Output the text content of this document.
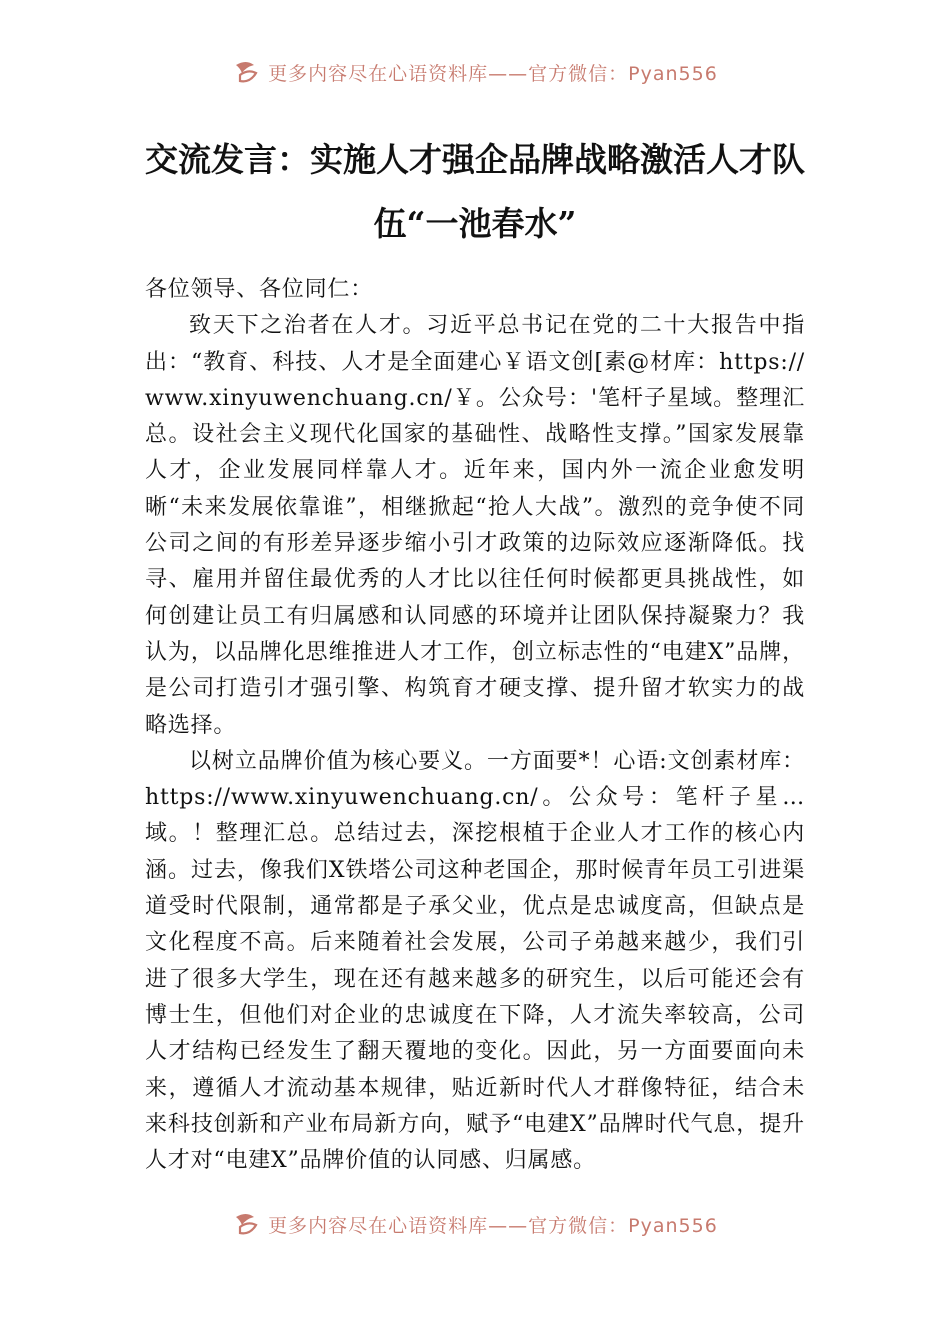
更多内容尽在心语资料库——官方微信：Pyan556
交流发言：实施人才强企品牌战略激活人才队伍“一池春水”

各位领导、各位同仁：

致天下之治者在人才。习近平总书记在党的二十大报告中指出：“教育、科技、人才是全面建心￥语文创[素@材库：https://www.xinyuwenchuang.cn/￥。公众号：'笔杆子星域。整理汇总。设社会主义现代化国家的基础性、战略性支撑。”国家发展靠人才，企业发展同样靠人才。近年来，国内外一流企业愈发明晰“未来发展依靠谁”，相继掀起“抢人大战”。激烈的竞争使不同公司之间的有形差异逐步缩小引才政策的边际效应逐渐降低。找寻、雇用并留住最优秀的人才比以往任何时候都更具挑战性，如何创建让员工有归属感和认同感的环境并让团队保持凝聚力？我认为，以品牌化思维推进人才工作，创立标志性的“电建X”品牌，是公司打造引才强引擎、构筑育才硬支撑、提升留才软实力的战略选择。

以树立品牌价值为核心要义。一方面要*！心语:文创素材库：https://www.xinyuwenchuang.cn/。公众号：笔杆子星…域。！整理汇总。总结过去，深挖根植于企业人才工作的核心内涵。过去，像我们X铁塔公司这种老国企，那时候青年员工引进渠道受时代限制，通常都是子承父业，优点是忠诚度高，但缺点是文化程度不高。后来随着社会发展，公司子弟越来越少，我们引进了很多大学生，现在还有越来越多的研究生，以后可能还会有博士生，但他们对企业的忠诚度在下降，人才流失率较高，公司人才结构已经发生了翻天覆地的变化。因此，另一方面要面向未来，遵循人才流动基本规律，贴近新时代人才群像特征，结合未来科技创新和产业布局新方向，赋予“电建X”品牌时代气息，提升人才对“电建X”品牌价值的认同感、归属感。

更多内容尽在心语资料库——官方微信：Pyan556
